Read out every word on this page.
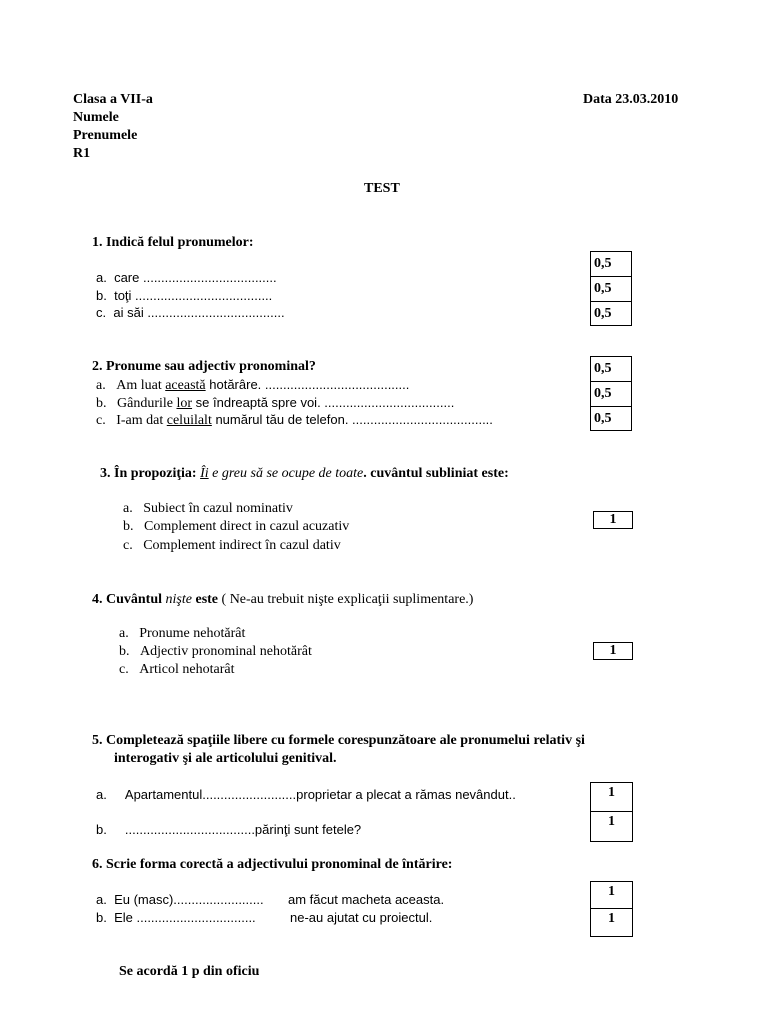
Clasa a VII-a	Data 23.03.2010
Numele
Prenumele
R1
TEST
1. Indică felul pronumelor:
a. care .....................................
b. toţi ......................................
c. ai săi ......................................
0,5
0,5
0,5
2. Pronume sau adjectiv pronominal?
a. Am luat această hotărâre. ........................................
b. Gândurile lor se îndreaptă spre voi. ....................................
c. I-am dat celuilalt numărul tău de telefon. .......................................
0,5
0,5
0,5
3. În propoziţia: Îi e greu să se ocupe de toate. cuvântul subliniat este:
a. Subiect în cazul nominativ
b. Complement direct in cazul acuzativ
c. Complement indirect în cazul dativ
1
4. Cuvântul nişte este ( Ne-au trebuit nişte explicaţii suplimentare.)
a. Pronume nehotărât
b. Adjectiv pronominal nehotărât
c. Articol nehotarât
1
5. Completează spaţiile libere cu formele corespunzătoare ale pronumelui relativ şi
interogativ şi ale articolului genitival.
a. Apartamentul..........................proprietar a plecat a rămas nevândut..
b. ....................................părinţi sunt fetele?
1
1
6. Scrie forma corectă a adjectivului pronominal de întărire:
a. Eu (masc)......................... am făcut macheta aceasta.
b. Ele .................................	ne-au ajutat cu proiectul.
1
1
Se acordă 1 p din oficiu
